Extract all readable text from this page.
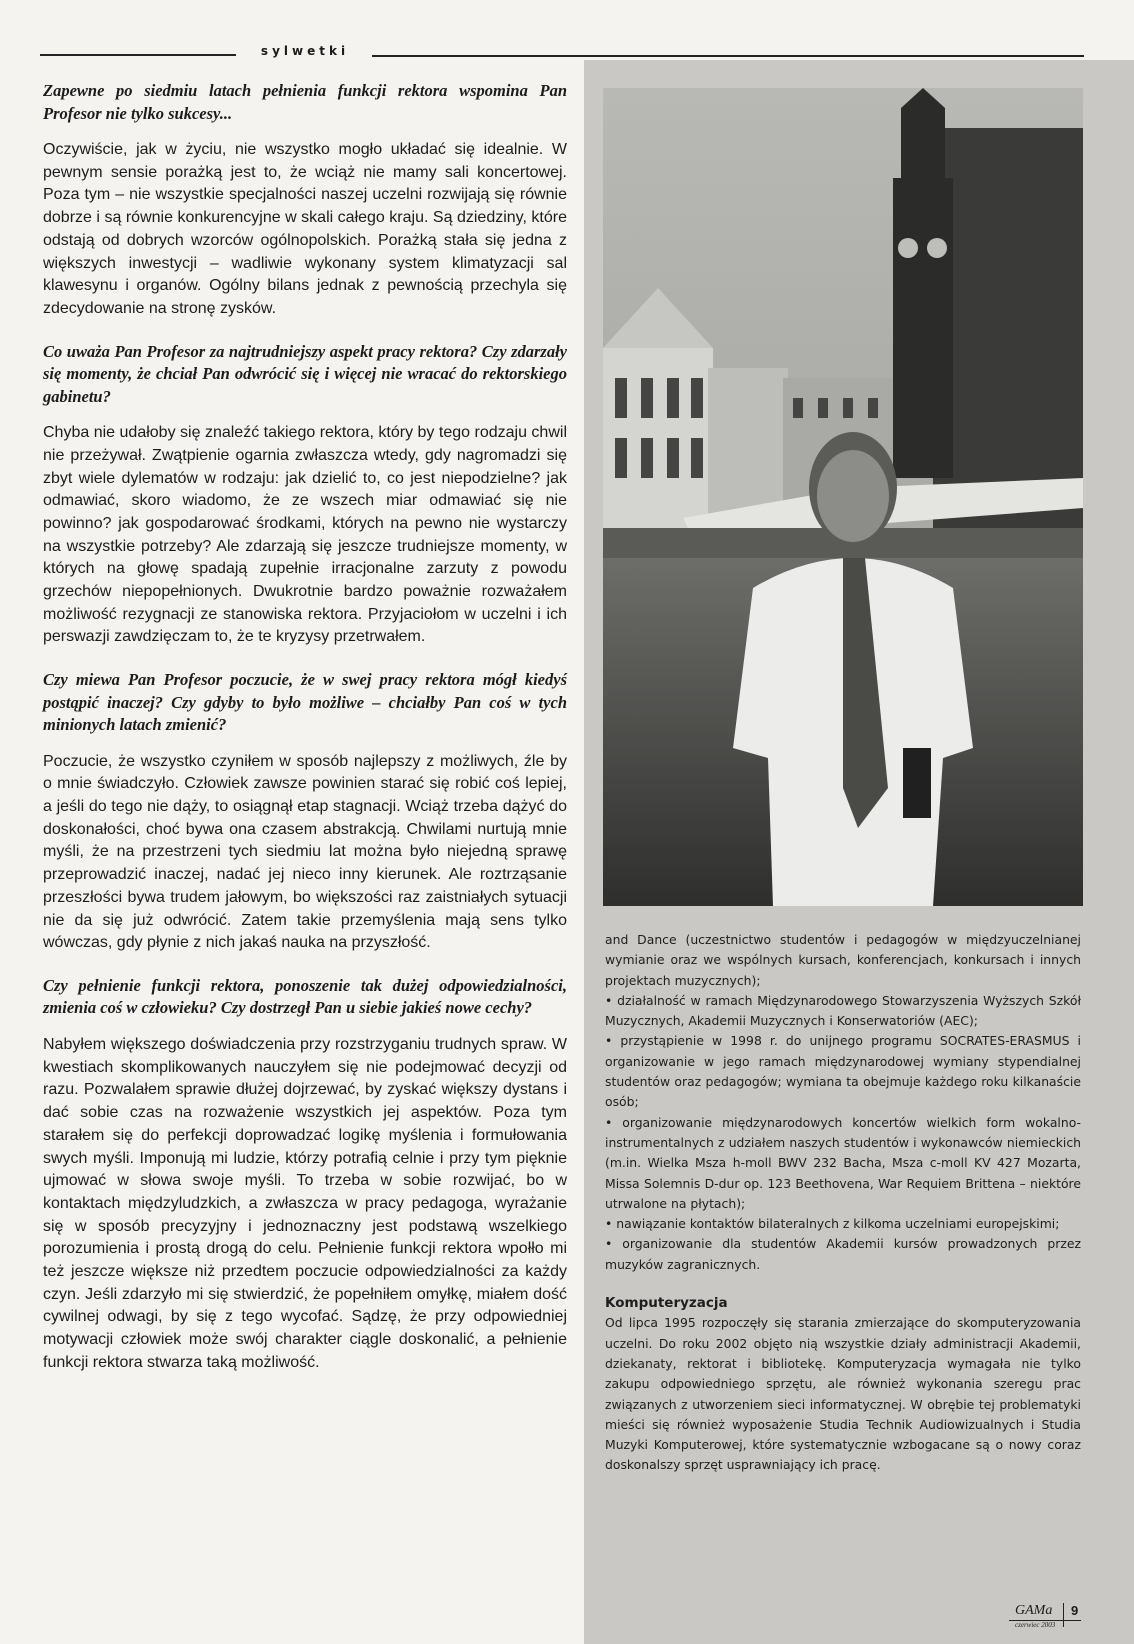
sylwetki

Zapewne po siedmiu latach pełnienia funkcji rektora wspomina Pan Profesor nie tylko sukcesy...

Oczywiście, jak w życiu, nie wszystko mogło układać się idealnie. W pewnym sensie porażką jest to, że wciąż nie mamy sali koncertowej. Poza tym – nie wszystkie specjalności naszej uczelni rozwijają się równie dobrze i są równie konkurencyjne w skali całego kraju. Są dziedziny, które odstają od dobrych wzorców ogólnopolskich. Porażką stała się jedna z większych inwestycji – wadliwie wykonany system klimatyzacji sal klawesynu i organów. Ogólny bilans jednak z pewnością przechyla się zdecydowanie na stronę zysków.

Co uważa Pan Profesor za najtrudniejszy aspekt pracy rektora? Czy zdarzały się momenty, że chciał Pan odwrócić się i więcej nie wracać do rektorskiego gabinetu?

Chyba nie udałoby się znaleźć takiego rektora, który by tego rodzaju chwil nie przeżywał. Zwątpienie ogarnia zwłaszcza wtedy, gdy nagromadzi się zbyt wiele dylematów w rodzaju: jak dzielić to, co jest niepodzielne? jak odmawiać, skoro wiadomo, że ze wszech miar odmawiać się nie powinno? jak gospodarować środkami, których na pewno nie wystarczy na wszystkie potrzeby? Ale zdarzają się jeszcze trudniejsze momenty, w których na głowę spadają zupełnie irracjonalne zarzuty z powodu grzechów niepopełnionych. Dwukrotnie bardzo poważnie rozważałem możliwość rezygnacji ze stanowiska rektora. Przyjaciołom w uczelni i ich perswazji zawdzięczam to, że te kryzysy przetrwałem.

Czy miewa Pan Profesor poczucie, że w swej pracy rektora mógł kiedyś postąpić inaczej? Czy gdyby to było możliwe – chciałby Pan coś w tych minionych latach zmienić?

Poczucie, że wszystko czyniłem w sposób najlepszy z możliwych, źle by o mnie świadczyło. Człowiek zawsze powinien starać się robić coś lepiej, a jeśli do tego nie dąży, to osiągnął etap stagnacji. Wciąż trzeba dążyć do doskonałości, choć bywa ona czasem abstrakcją. Chwilami nurtują mnie myśli, że na przestrzeni tych siedmiu lat można było niejedną sprawę przeprowadzić inaczej, nadać jej nieco inny kierunek. Ale roztrząsanie przeszłości bywa trudem jałowym, bo większości raz zaistniałych sytuacji nie da się już odwrócić. Zatem takie przemyślenia mają sens tylko wówczas, gdy płynie z nich jakaś nauka na przyszłość.

Czy pełnienie funkcji rektora, ponoszenie tak dużej odpowiedzialności, zmienia coś w człowieku? Czy dostrzegł Pan u siebie jakieś nowe cechy?

Nabyłem większego doświadczenia przy rozstrzyganiu trudnych spraw. W kwestiach skomplikowanych nauczyłem się nie podejmować decyzji od razu. Pozwalałem sprawie dłużej dojrzewać, by zyskać większy dystans i dać sobie czas na rozważenie wszystkich jej aspektów. Poza tym starałem się do perfekcji doprowadzać logikę myślenia i formułowania swych myśli. Imponują mi ludzie, którzy potrafią celnie i przy tym pięknie ujmować w słowa swoje myśli. To trzeba w sobie rozwijać, bo w kontaktach międzyludzkich, a zwłaszcza w pracy pedagoga, wyrażanie się w sposób precyzyjny i jednoznaczny jest podstawą wszelkiego porozumienia i prostą drogą do celu. Pełnienie funkcji rektora wpołło mi też jeszcze większe niż przedtem poczucie odpowiedzialności za każdy czyn. Jeśli zdarzyło mi się stwierdzić, że popełniłem omyłkę, miałem dość cywilnej odwagi, by się z tego wycofać. Sądzę, że przy odpowiedniej motywacji człowiek może swój charakter ciągle doskonalić, a pełnienie funkcji rektora stwarza taką możliwość.

and Dance (uczestnictwo studentów i pedagogów w międzyuczelnianej wymianie oraz we wspólnych kursach, konferencjach, konkursach i innych projektach muzycznych);

• działalność w ramach Międzynarodowego Stowarzyszenia Wyższych Szkół Muzycznych, Akademii Muzycznych i Konserwatoriów (AEC);

• przystąpienie w 1998 r. do unijnego programu SOCRATES-ERASMUS i organizowanie w jego ramach międzynarodowej wymiany stypendialnej studentów oraz pedagogów; wymiana ta obejmuje każdego roku kilkanaście osób;

• organizowanie międzynarodowych koncertów wielkich form wokalno-instrumentalnych z udziałem naszych studentów i wykonawców niemieckich (m.in. Wielka Msza h-moll BWV 232 Bacha, Msza c-moll KV 427 Mozarta, Missa Solemnis D-dur op. 123 Beethovena, War Requiem Brittena – niektóre utrwalone na płytach);

• nawiązanie kontaktów bilateralnych z kilkoma uczelniami europejskimi;

• organizowanie dla studentów Akademii kursów prowadzonych przez muzyków zagranicznych.

Komputeryzacja

Od lipca 1995 rozpoczęły się starania zmierzające do skomputeryzowania uczelni. Do roku 2002 objęto nią wszystkie działy administracji Akademii, dziekanaty, rektorat i bibliotekę. Komputeryzacja wymagała nie tylko zakupu odpowiedniego sprzętu, ale również wykonania szeregu prac związanych z utworzeniem sieci informatycznej. W obrębie tej problematyki mieści się również wyposażenie Studia Technik Audiowizualnych i Studia Muzyki Komputerowej, które systematycznie wzbogacane są o nowy coraz doskonalszy sprzęt usprawniający ich pracę.

GAMa 9
czerwiec 2003
